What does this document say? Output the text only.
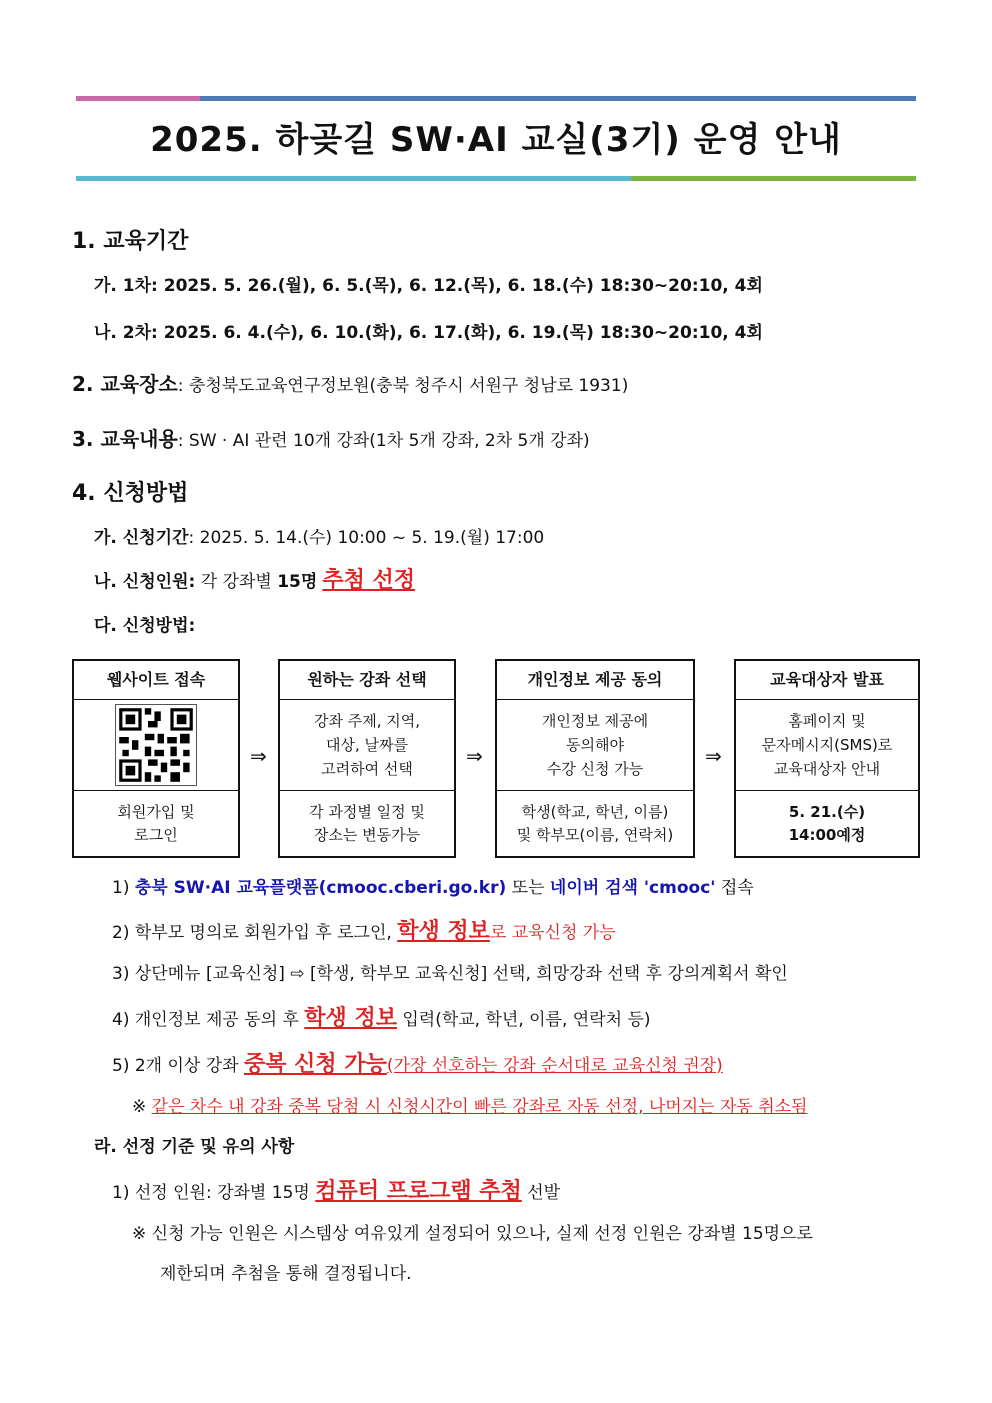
2025. 하곶길 SW·AI 교실(3기) 운영 안내
1. 교육기간
가. 1차: 2025. 5. 26.(월), 6. 5.(목), 6. 12.(목), 6. 18.(수) 18:30~20:10, 4회
나. 2차: 2025. 6. 4.(수), 6. 10.(화), 6. 17.(화), 6. 19.(목) 18:30~20:10, 4회
2. 교육장소: 충청북도교육연구정보원(충북 청주시 서원구 청남로 1931)
3. 교육내용: SW · AI 관련 10개 강좌(1차 5개 강좌, 2차 5개 강좌)
4. 신청방법
가. 신청기간: 2025. 5. 14.(수) 10:00 ~ 5. 19.(월) 17:00
나. 신청인원: 각 강좌별 15명 추첨 선정
다. 신청방법:
웹사이트 접속
회원가입 및
로그인
⇒
원하는 강좌 선택
강좌 주제, 지역,
대상, 날짜를
고려하여 선택
각 과정별 일정 및
장소는 변동가능
⇒
개인정보 제공 동의
개인정보 제공에
동의해야
수강 신청 가능
학생(학교, 학년, 이름)
및 학부모(이름, 연락처)
⇒
교육대상자 발표
홈페이지 및
문자메시지(SMS)로
교육대상자 안내
5. 21.(수)
14:00예정
1) 충북 SW·AI 교육플랫폼(cmooc.cberi.go.kr) 또는 네이버 검색 'cmooc' 접속
2) 학부모 명의로 회원가입 후 로그인, 학생 정보로 교육신청 가능
3) 상단메뉴 [교육신청] ⇨ [학생, 학부모 교육신청] 선택, 희망강좌 선택 후 강의계획서 확인
4) 개인정보 제공 동의 후 학생 정보 입력(학교, 학년, 이름, 연락처 등)
5) 2개 이상 강좌 중복 신청 가능(가장 선호하는 강좌 순서대로 교육신청 권장)
※ 같은 차수 내 강좌 중복 당첨 시 신청시간이 빠른 강좌로 자동 선정, 나머지는 자동 취소됨
라. 선정 기준 및 유의 사항
1) 선정 인원: 강좌별 15명 컴퓨터 프로그램 추첨 선발
※ 신청 가능 인원은 시스템상 여유있게 설정되어 있으나, 실제 선정 인원은 강좌별 15명으로
제한되며 추첨을 통해 결정됩니다.
